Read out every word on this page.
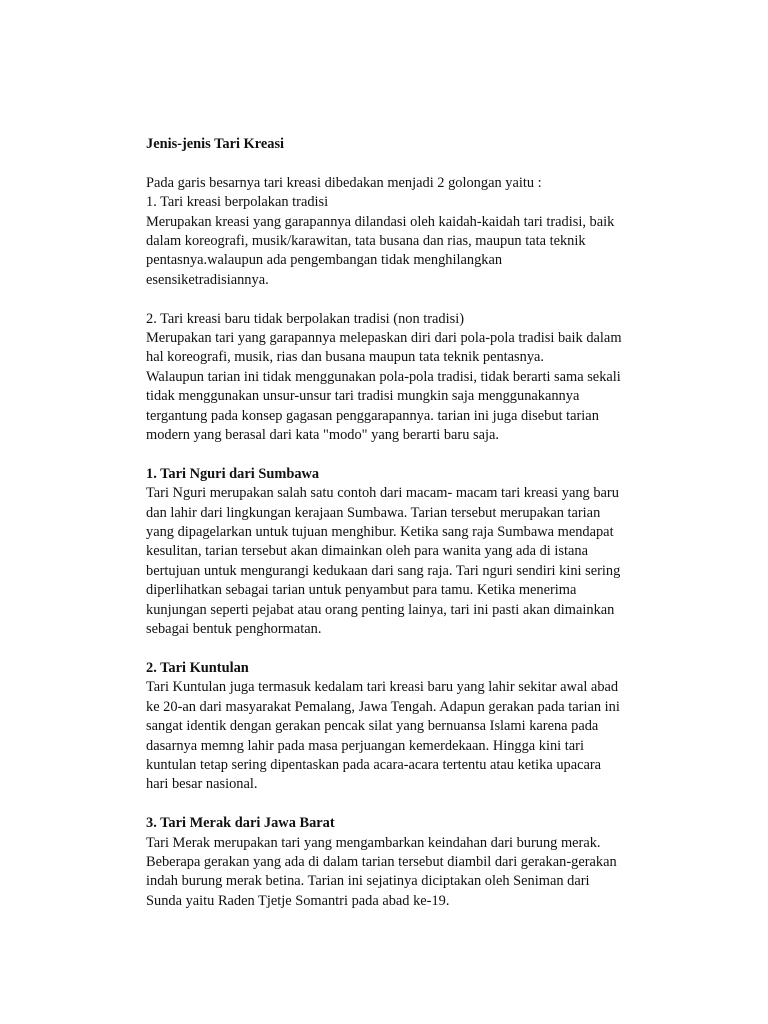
Jenis-jenis Tari Kreasi
Pada garis besarnya tari kreasi dibedakan menjadi 2 golongan yaitu :
1. Tari kreasi berpolakan tradisi
Merupakan kreasi yang garapannya dilandasi oleh kaidah-kaidah tari tradisi, baik
dalam koreografi, musik/karawitan, tata busana dan rias, maupun tata teknik
pentasnya.walaupun ada pengembangan tidak menghilangkan
esensiketradisiannya.
2. Tari kreasi baru tidak berpolakan tradisi (non tradisi)
Merupakan tari yang garapannya melepaskan diri dari pola-pola tradisi baik dalam
hal koreografi, musik, rias dan busana maupun tata teknik pentasnya.
Walaupun tarian ini tidak menggunakan pola-pola tradisi, tidak berarti sama sekali
tidak menggunakan unsur-unsur tari tradisi mungkin saja menggunakannya
tergantung pada konsep gagasan penggarapannya. tarian ini juga disebut tarian
modern yang berasal dari kata "modo" yang berarti baru saja.
1. Tari Nguri dari Sumbawa
Tari Nguri merupakan salah satu contoh dari macam- macam tari kreasi yang baru
dan lahir dari lingkungan kerajaan Sumbawa. Tarian tersebut merupakan tarian
yang dipagelarkan untuk tujuan menghibur. Ketika sang raja Sumbawa mendapat
kesulitan, tarian tersebut akan dimainkan oleh para wanita yang ada di istana
bertujuan untuk mengurangi kedukaan dari sang raja. Tari nguri sendiri kini sering
diperlihatkan sebagai tarian untuk penyambut para tamu. Ketika menerima
kunjungan seperti pejabat atau orang penting lainya, tari ini pasti akan dimainkan
sebagai bentuk penghormatan.
2. Tari Kuntulan
Tari Kuntulan juga termasuk kedalam tari kreasi baru yang lahir sekitar awal abad
ke 20-an dari masyarakat Pemalang, Jawa Tengah. Adapun gerakan pada tarian ini
sangat identik dengan gerakan pencak silat yang bernuansa Islami karena pada
dasarnya memng lahir pada masa perjuangan kemerdekaan. Hingga kini tari
kuntulan tetap sering dipentaskan pada acara-acara tertentu atau ketika upacara
hari besar nasional.
3. Tari Merak dari Jawa Barat
Tari Merak merupakan tari yang mengambarkan keindahan dari burung merak.
Beberapa gerakan yang ada di dalam tarian tersebut diambil dari gerakan-gerakan
indah burung merak betina. Tarian ini sejatinya diciptakan oleh Seniman dari
Sunda yaitu Raden Tjetje Somantri pada abad ke-19.
